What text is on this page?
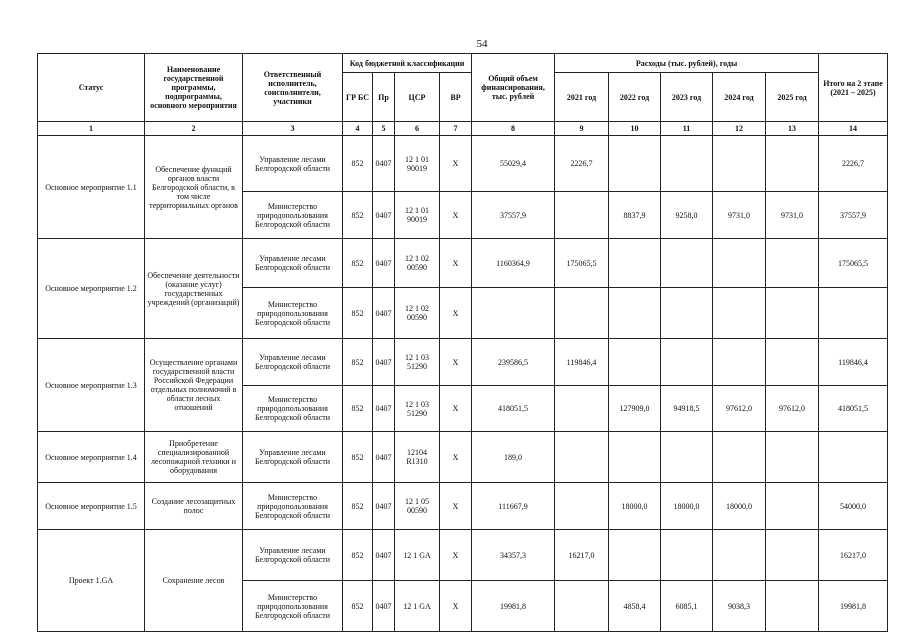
54
Статус	Наименование государственной программы, подпрограммы, основного мероприятия	Ответственный исполнитель, соисполнители, участники	Код бюджетной классификации				Общий объем финансирования, тыс. рублей	Расходы (тыс. рублей), годы					Итого на 2 этапе (2021 – 2025)
			ГР БС	Пр	ЦСР	ВР		2021 год	2022 год	2023 год	2024 год	2025 год	
1	2	3	4	5	6	7	8	9	10	11	12	13	14
Основное мероприятие 1.1	Обеспечение функций органов власти Белгородской области, в том числе территориальных органов	Управление лесами Белгородской области	852	0407	12 1 01 90019	Х	55029,4	2226,7					2226,7
		Министерство природопользования Белгородской области	852	0407	12 1 01 90019	Х	37557,9		8837,9	9258,0	9731,0	9731,0	37557,9
Основное мероприятие 1.2	Обеспечение деятельности (оказание услуг) государственных учреждений (организаций)	Управление лесами Белгородской области	852	0407	12 1 02 00590	Х	1160364,9	175065,5					175065,5
		Министерство природопользования Белгородской области	852	0407	12 1 02 00590	Х							
Основное мероприятие 1.3	Осуществление органами государственной власти Российской Федерации отдельных полномочий в области лесных отношений	Управление лесами Белгородской области	852	0407	12 1 03 51290	Х	239586,5	119846,4					119846,4
		Министерство природопользования Белгородской области	852	0407	12 1 03 51290	Х	418051,5		127909,0	94918,5	97612,0	97612,0	418051,5
Основное мероприятие 1.4	Приобретение специализированной лесопожарной техники и оборудования	Управление лесами Белгородской области	852	0407	12104 R1310	Х	189,0						
Основное мероприятие 1.5	Создание лесозащитных полос	Министерство природопользования Белгородской области	852	0407	12 1 05 00590	Х	111667,9		18000,0	18000,0	18000,0		54000,0
Проект 1.GA	Сохранение лесов	Управление лесами Белгородской области	852	0407	12 1 GA	Х	34357,3	16217,0					16217,0
		Министерство природопользования Белгородской области	852	0407	12 1 GA	Х	19981,8		4858,4	6085,1	9038,3		19981,8
